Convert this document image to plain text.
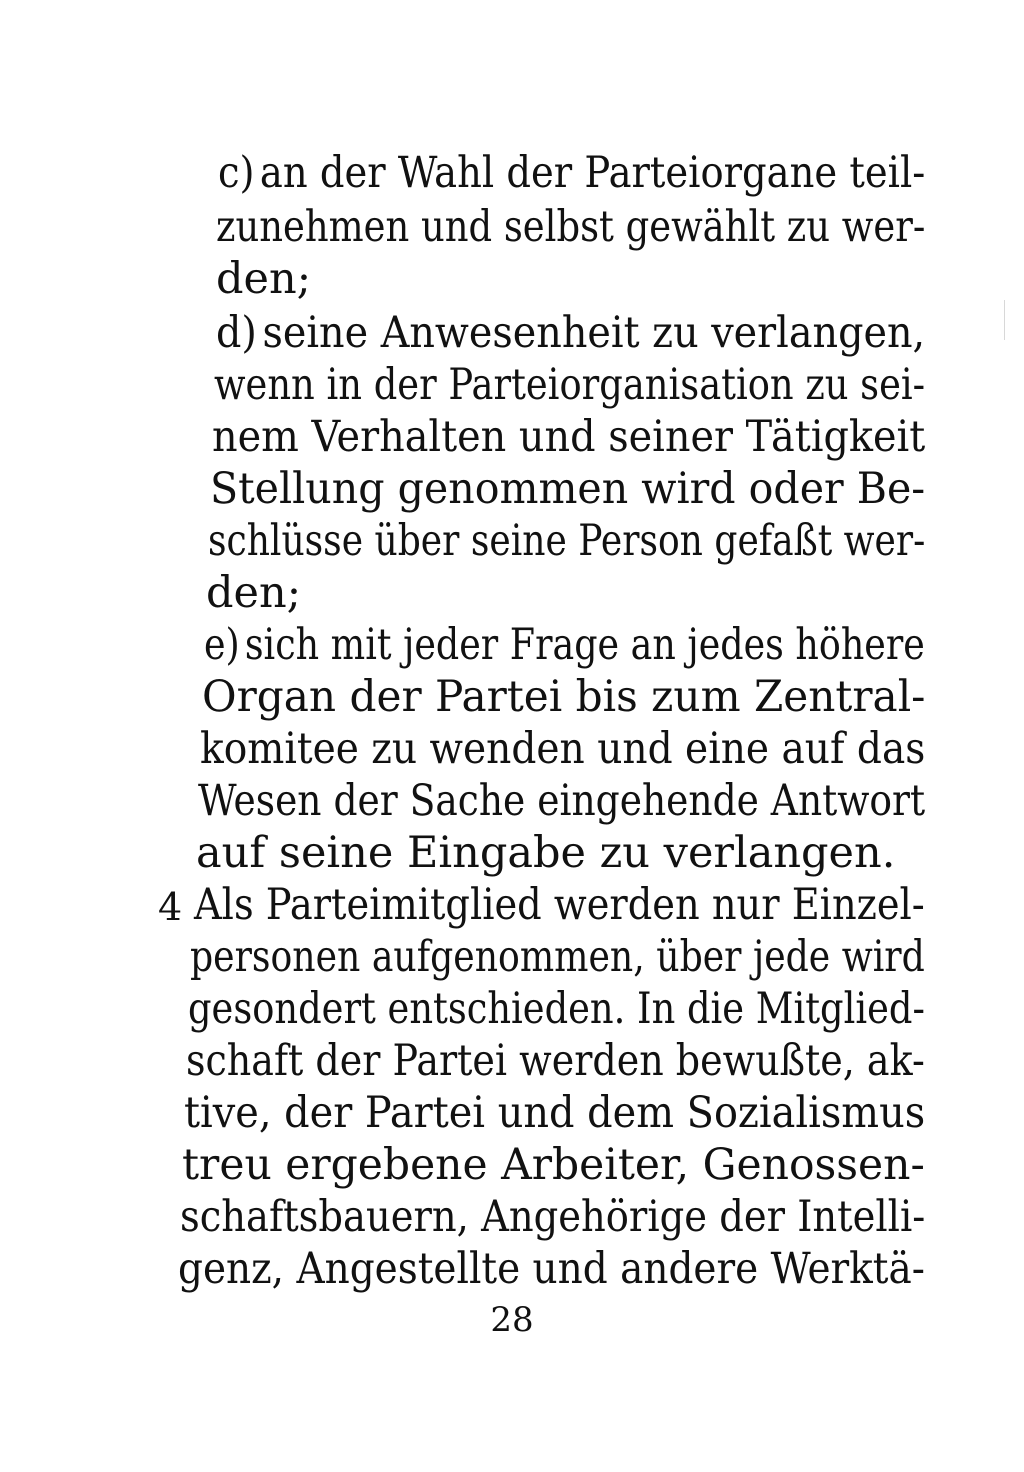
c) an der Wahl der Parteiorgane teil-
zunehmen und selbst gewählt zu wer-
den;
d) seine Anwesenheit zu verlangen,
wenn in der Parteiorganisation zu sei-
nem Verhalten und seiner Tätigkeit
Stellung genommen wird oder Be-
schlüsse über seine Person gefaßt wer-
den;
e) sich mit jeder Frage an jedes höhere
Organ der Partei bis zum Zentral-
komitee zu wenden und eine auf das
Wesen der Sache eingehende Antwort
auf seine Eingabe zu verlangen.
4 Als Parteimitglied werden nur Einzel-
personen aufgenommen, über jede wird
gesondert entschieden. In die Mitglied-
schaft der Partei werden bewußte, ak-
tive, der Partei und dem Sozialismus
treu ergebene Arbeiter, Genossen-
schaftsbauern, Angehörige der Intelli-
genz, Angestellte und andere Werktä-
28
